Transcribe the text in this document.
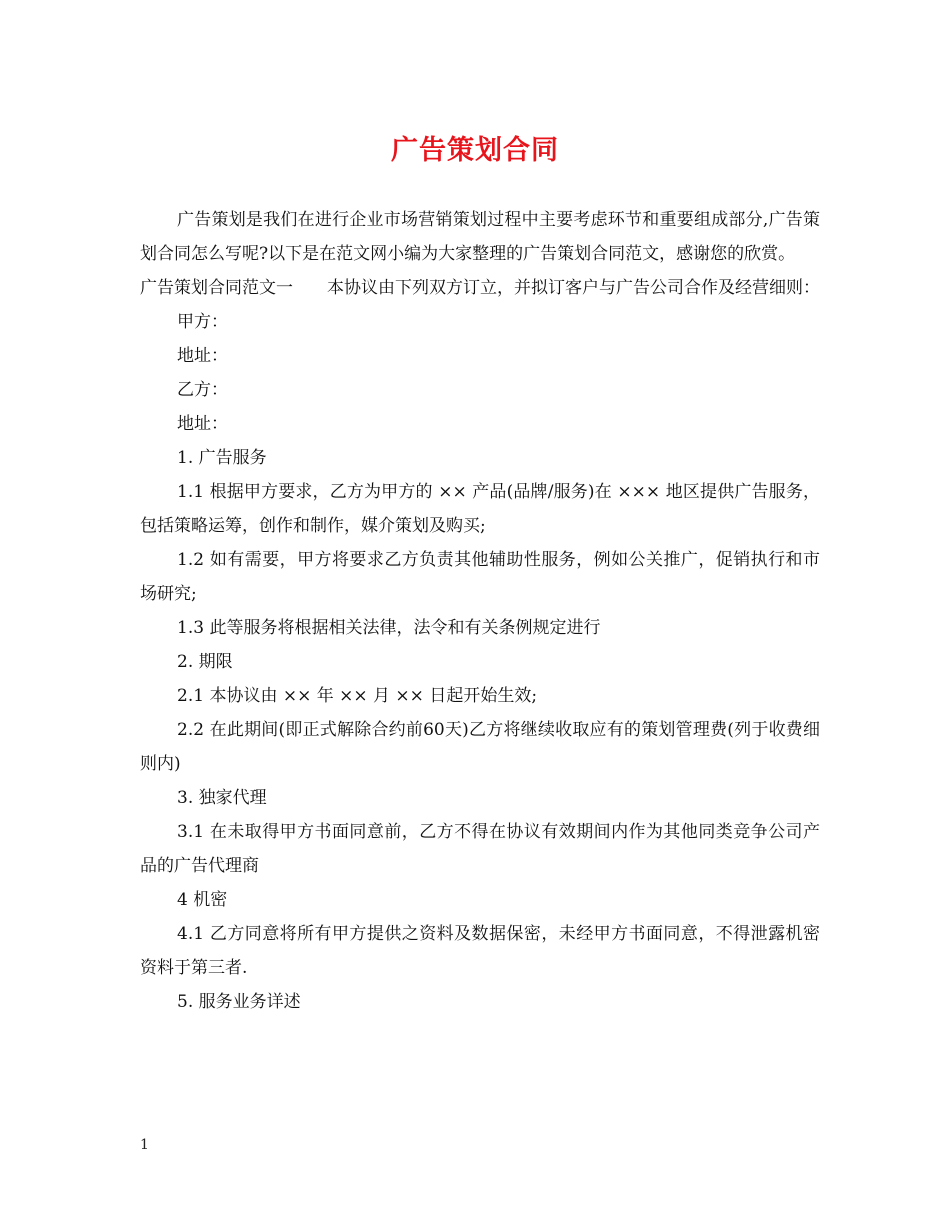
广告策划合同

广告策划是我们在进行企业市场营销策划过程中主要考虑环节和重要组成部分,广告策划合同怎么写呢?以下是在范文网小编为大家整理的广告策划合同范文，感谢您的欣赏。

广告策划合同范文一　　本协议由下列双方订立，并拟订客户与广告公司合作及经营细则：

甲方：

地址：

乙方：

地址：

1. 广告服务

1.1 根据甲方要求，乙方为甲方的 ×× 产品(品牌/服务)在 ××× 地区提供广告服务，包括策略运筹，创作和制作，媒介策划及购买;

1.2 如有需要，甲方将要求乙方负责其他辅助性服务，例如公关推广，促销执行和市场研究;

1.3 此等服务将根据相关法律，法令和有关条例规定进行

2. 期限

2.1 本协议由 ×× 年 ×× 月 ×× 日起开始生效;

2.2 在此期间(即正式解除合约前60天)乙方将继续收取应有的策划管理费(列于收费细则内)

3. 独家代理

3.1 在未取得甲方书面同意前，乙方不得在协议有效期间内作为其他同类竞争公司产品的广告代理商

4 机密

4.1 乙方同意将所有甲方提供之资料及数据保密，未经甲方书面同意，不得泄露机密资料于第三者.

5. 服务业务详述

1
